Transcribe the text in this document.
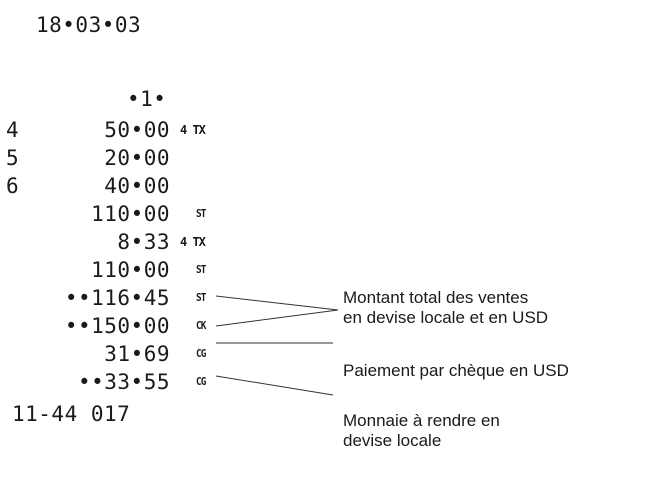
18•03•03
•1•
4	50•00 4 TX
5	20•00
6	40•00
110•00 ST
8•33 4 TX
110•00 ST
••116•45 ST
••150•00 CK
31•69 CG
••33•55 CG
11-44 017
Montant total des ventes
en devise locale et en USD
Paiement par chèque en USD
Monnaie à rendre en
devise locale
